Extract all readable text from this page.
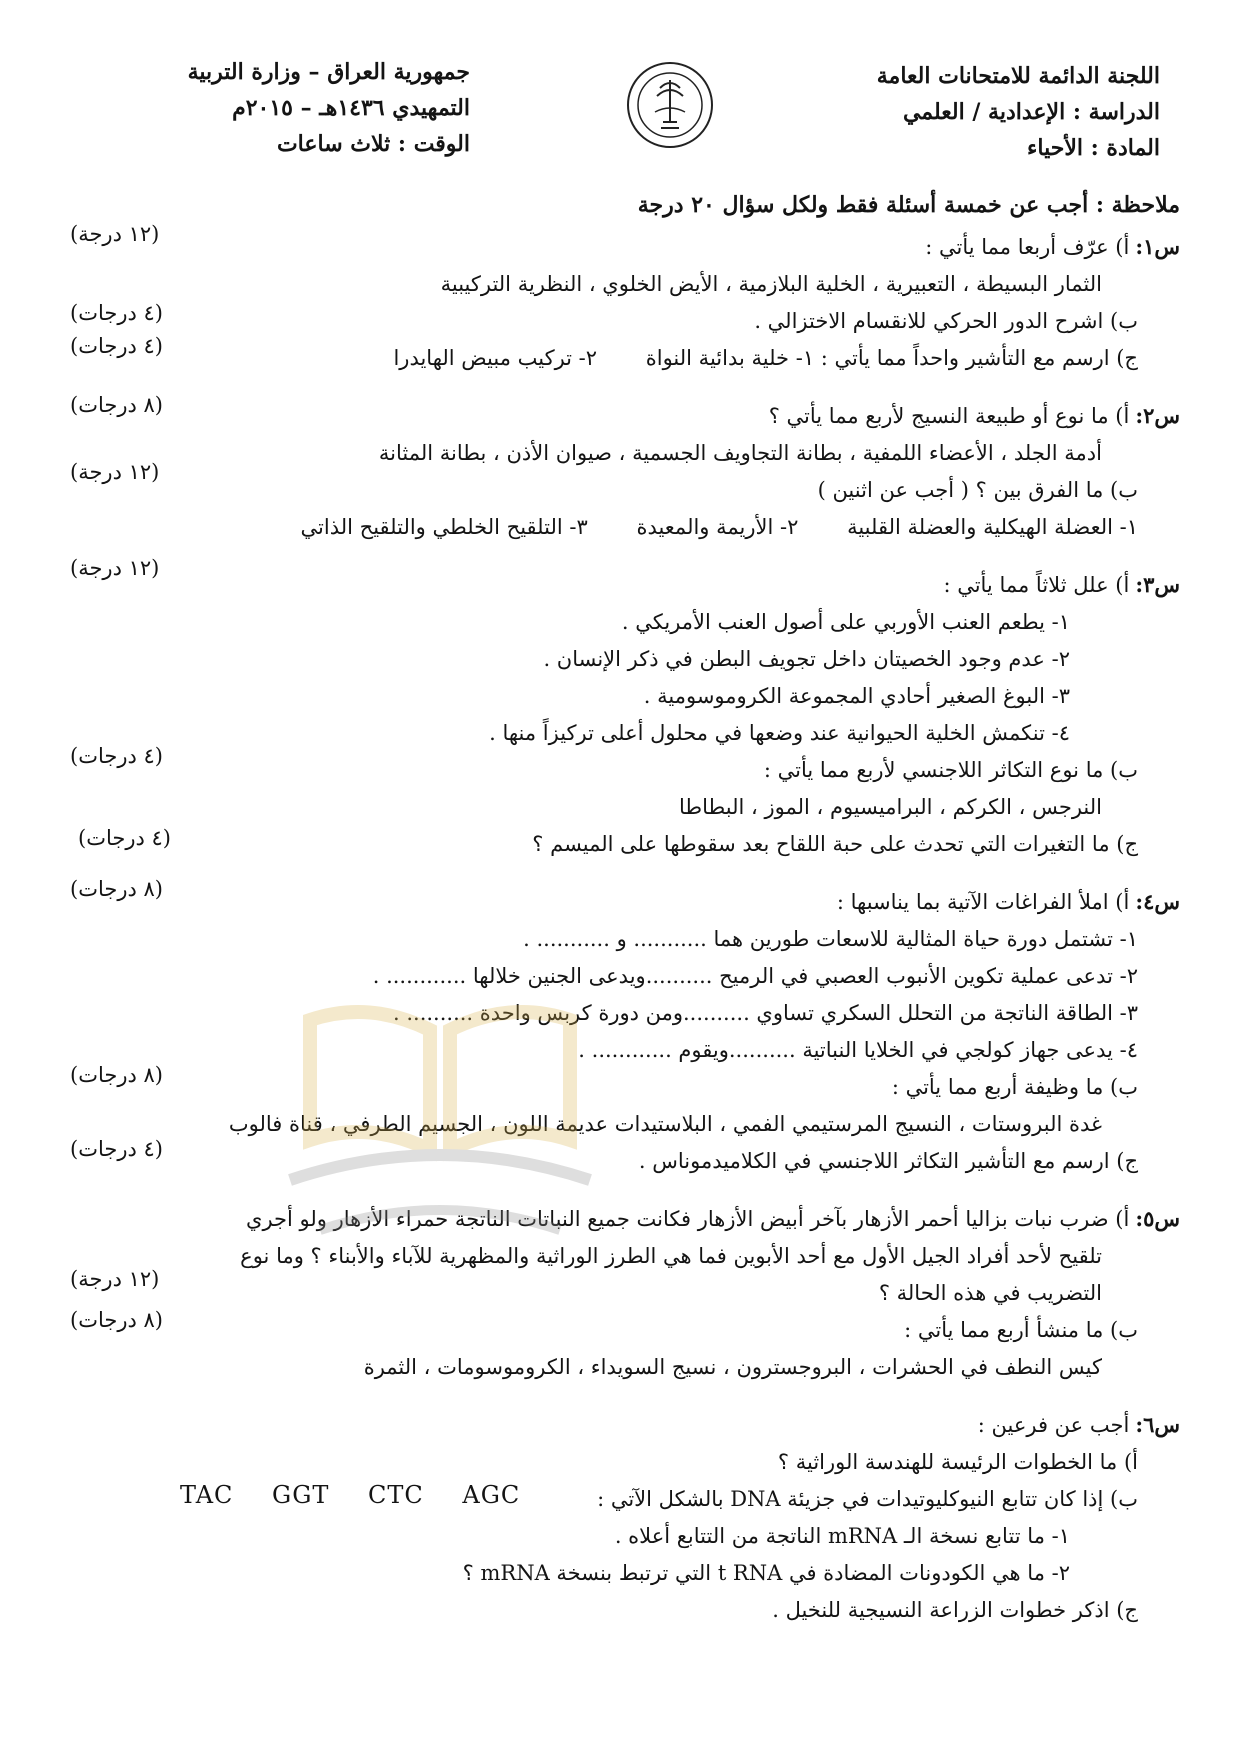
اللجنة الدائمة للامتحانات العامة
الدراسة : الإعدادية / العلمي
المادة : الأحياء
جمهورية العراق – وزارة التربية
التمهيدي ١٤٣٦هـ – ٢٠١٥م
الوقت : ثلاث ساعات
ملاحظة : أجب عن خمسة أسئلة فقط ولكل سؤال ٢٠ درجة
س١:أ) عرّف أربعا مما يأتي :
(١٢ درجة)
الثمار البسيطة ، التعبيرية ، الخلية البلازمية ، الأيض الخلوي ، النظرية التركيبية
ب) اشرح الدور الحركي للانقسام الاختزالي .
(٤ درجات)
ج) ارسم مع التأشير واحداً مما يأتي : ١- خلية بدائية النواة ٢- تركيب مبيض الهايدرا
(٤ درجات)
س٢:أ) ما نوع أو طبيعة النسيج لأربع مما يأتي ؟
(٨ درجات)
أدمة الجلد ، الأعضاء اللمفية ، بطانة التجاويف الجسمية ، صيوان الأذن ، بطانة المثانة
ب) ما الفرق بين ؟ ( أجب عن اثنين )
(١٢ درجة)
١- العضلة الهيكلية والعضلة القلبية ٢- الأريمة والمعيدة ٣- التلقيح الخلطي والتلقيح الذاتي
س٣:أ) علل ثلاثاً مما يأتي :
(١٢ درجة)
١- يطعم العنب الأوربي على أصول العنب الأمريكي .
٢- عدم وجود الخصيتان داخل تجويف البطن في ذكر الإنسان .
٣- البوغ الصغير أحادي المجموعة الكروموسومية .
٤- تنكمش الخلية الحيوانية عند وضعها في محلول أعلى تركيزاً منها .
ب) ما نوع التكاثر اللاجنسي لأربع مما يأتي :
(٤ درجات)
النرجس ، الكركم ، البراميسيوم ، الموز ، البطاطا
ج) ما التغيرات التي تحدث على حبة اللقاح بعد سقوطها على الميسم ؟
(٤ درجات)
س٤:أ) املأ الفراغات الآتية بما يناسبها :
(٨ درجات)
١- تشتمل دورة حياة المثالية للاسعات طورين هما ........... و ........... .
٢- تدعى عملية تكوين الأنبوب العصبي في الرميح ..........ويدعى الجنين خلالها ............ .
٣- الطاقة الناتجة من التحلل السكري تساوي ..........ومن دورة كربس واحدة .......... .
٤- يدعى جهاز كولجي في الخلايا النباتية ..........ويقوم ............ .
ب) ما وظيفة أربع مما يأتي :
(٨ درجات)
غدة البروستات ، النسيج المرستيمي الفمي ، البلاستيدات عديمة اللون ، الجسيم الطرفي ، قناة فالوب
ج) ارسم مع التأشير التكاثر اللاجنسي في الكلاميدموناس .
(٤ درجات)
س٥:أ) ضرب نبات بزاليا أحمر الأزهار بآخر أبيض الأزهار فكانت جميع النباتات الناتجة حمراء الأزهار ولو أجري
تلقيح لأحد أفراد الجيل الأول مع أحد الأبوين فما هي الطرز الوراثية والمظهرية للآباء والأبناء ؟ وما نوع
التضريب في هذه الحالة ؟
(١٢ درجة)
ب) ما منشأ أربع مما يأتي :
(٨ درجات)
كيس النطف في الحشرات ، البروجسترون ، نسيج السويداء ، الكروموسومات ، الثمرة
س٦:أجب عن فرعين :
أ) ما الخطوات الرئيسة للهندسة الوراثية ؟
ب) إذا كان تتابع النيوكليوتيدات في جزيئة DNA بالشكل الآتي :
TAC GGT CTC AGC
١- ما تتابع نسخة الـ mRNA الناتجة من التتابع أعلاه .
٢- ما هي الكودونات المضادة في t RNA التي ترتبط بنسخة mRNA ؟
ج) اذكر خطوات الزراعة النسيجية للنخيل .
